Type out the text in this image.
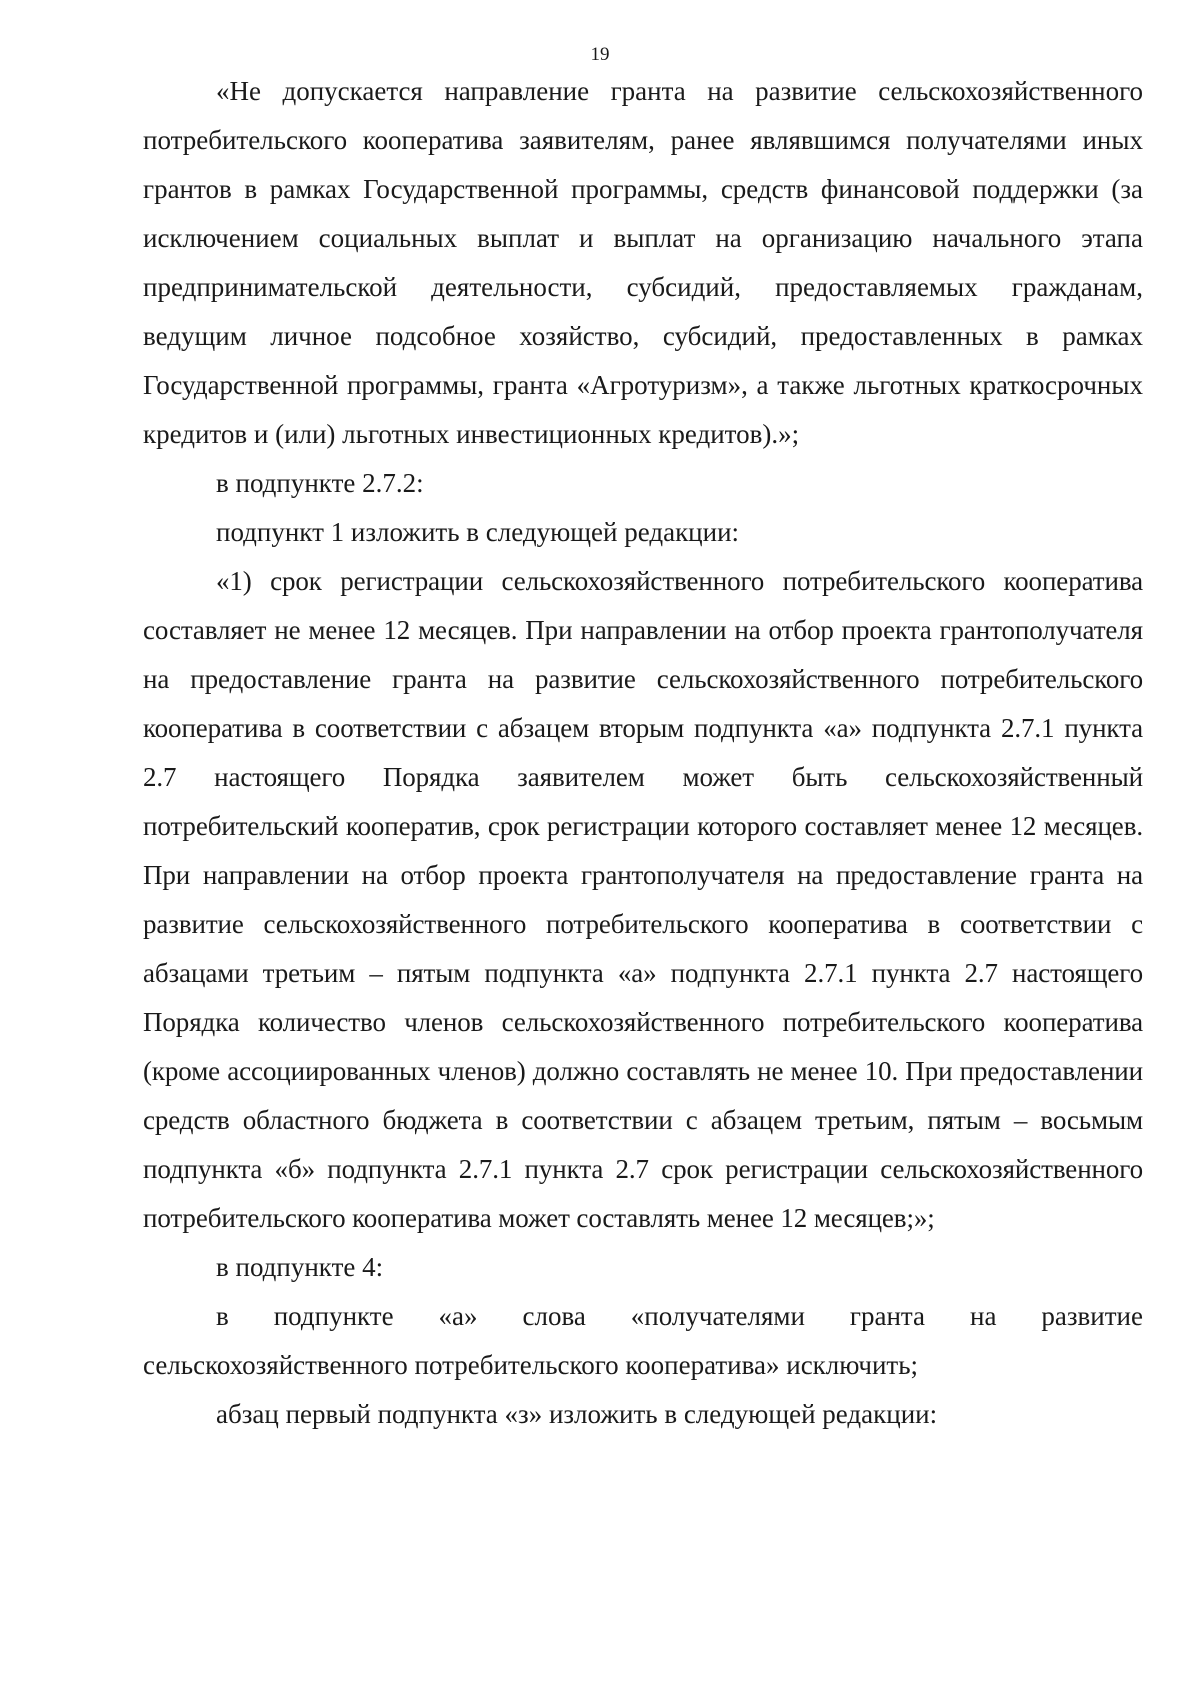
19

«Не допускается направление гранта на развитие сельскохозяйственного

потребительского кооператива заявителям, ранее являвшимся получателями иных грантов в рамках Государственной программы, средств финансовой поддержки (за исключением социальных выплат и выплат на организацию начального этапа предпринимательской деятельности, субсидий, предоставляемых гражданам, ведущим личное подсобное хозяйство, субсидий, предоставленных в рамках Государственной программы, гранта «Агротуризм», а также льготных краткосрочных кредитов и (или) льготных инвестиционных кредитов).»;

в подпункте 2.7.2:

подпункт 1 изложить в следующей редакции:

«1) срок регистрации сельскохозяйственного потребительского кооператива составляет не менее 12 месяцев. При направлении на отбор проекта грантополучателя на предоставление гранта на развитие сельскохозяйственного потребительского кооператива в соответствии с абзацем вторым подпункта «а» подпункта 2.7.1 пункта 2.7 настоящего Порядка заявителем может быть сельскохозяйственный потребительский кооператив, срок регистрации которого составляет менее 12 месяцев. При направлении на отбор проекта грантополучателя на предоставление гранта на развитие сельскохозяйственного потребительского кооператива в соответствии с абзацами третьим – пятым подпункта «а» подпункта 2.7.1 пункта 2.7 настоящего Порядка количество членов сельскохозяйственного потребительского кооператива (кроме ассоциированных членов) должно составлять не менее 10. При предоставлении средств областного бюджета в соответствии с абзацем третьим, пятым – восьмым подпункта «б» подпункта 2.7.1 пункта 2.7 срок регистрации сельскохозяйственного потребительского кооператива может составлять менее 12 месяцев;»;

в подпункте 4:

в подпункте «а» слова «получателями гранта на развитие сельскохозяйственного потребительского кооператива» исключить;

абзац первый подпункта «з» изложить в следующей редакции:
